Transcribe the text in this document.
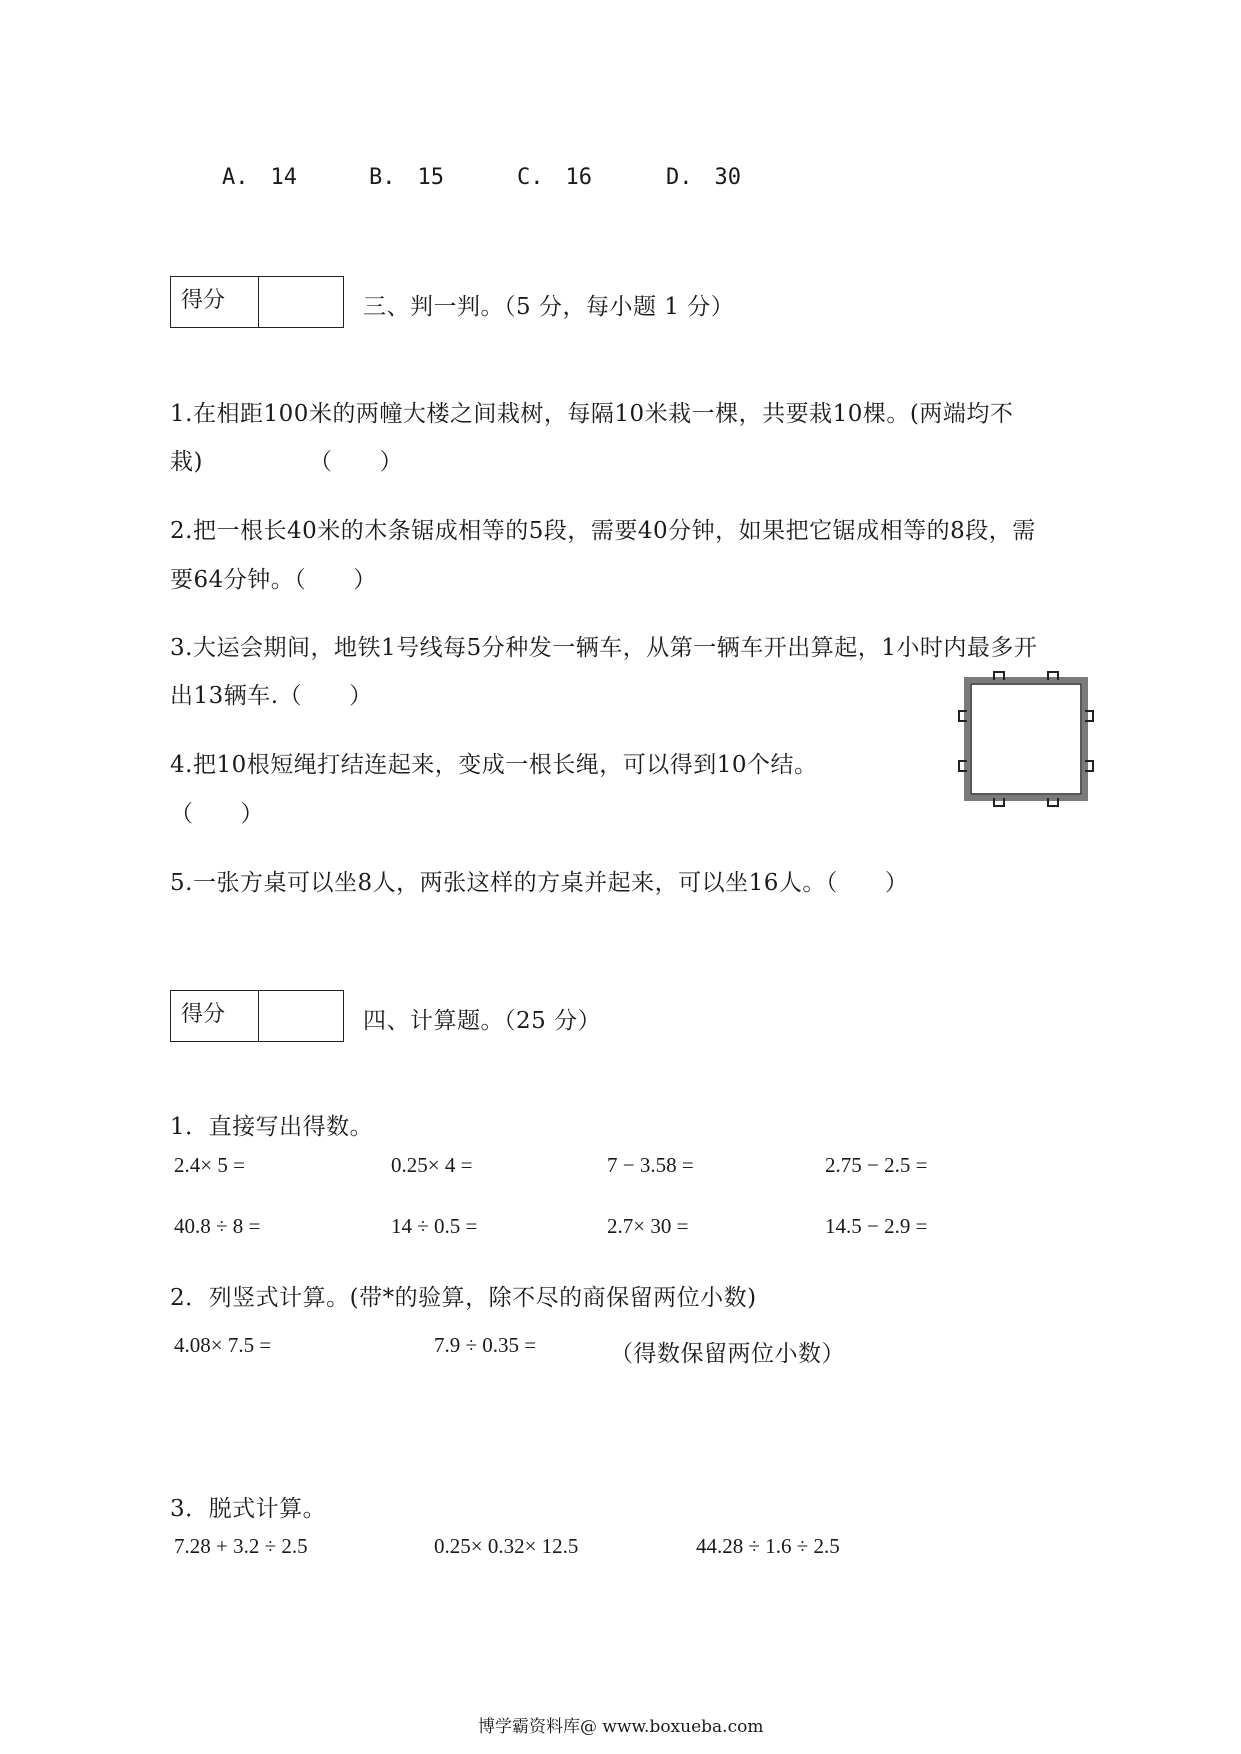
A.　14	B.　15	C.　16	D.　30
得分	三、判一判。（5 分，每小题 1 分）
1.在相距100米的两幢大楼之间栽树，每隔10米栽一棵，共要栽10棵。(两端均不
栽)　　　　　（　　）
2.把一根长40米的木条锯成相等的5段，需要40分钟，如果把它锯成相等的8段，需
要64分钟。（　　）
3.大运会期间，地铁1号线每5分种发一辆车，从第一辆车开出算起，1小时内最多开
出13辆车.（　　）
4.把10根短绳打结连起来，变成一根长绳，可以得到10个结。
（　　）
5.一张方桌可以坐8人，两张这样的方桌并起来，可以坐16人。（　　）
得分	四、计算题。（25 分）
1．直接写出得数。
2.4× 5 =	0.25× 4 =	7 − 3.58 =	2.75 − 2.5 =
40.8 ÷ 8 =	14 ÷ 0.5 =	2.7× 30 =	14.5 − 2.9 =
2．列竖式计算。(带*的验算，除不尽的商保留两位小数)
4.08× 7.5 =	7.9 ÷ 0.35 =	（得数保留两位小数）
3．脱式计算。
7.28 + 3.2 ÷ 2.5	0.25× 0.32× 12.5	44.28 ÷ 1.6 ÷ 2.5
博学霸资料库@ www.boxueba.com
